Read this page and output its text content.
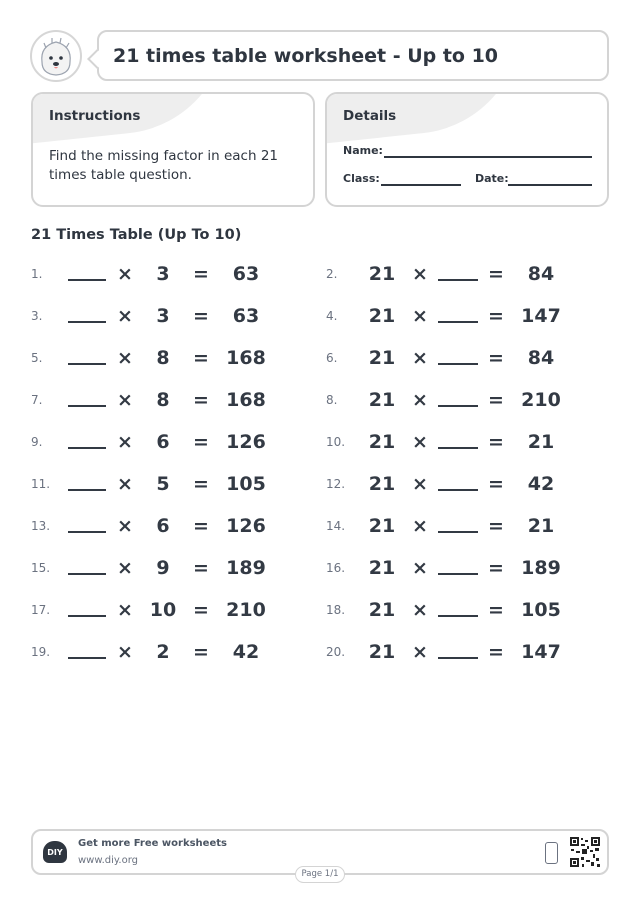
21 times table worksheet - Up to 10
Instructions
Find the missing factor in each 21 times table question.
Details
Name:
Class:	Date:
21 Times Table (Up To 10)
1.	×	3	=	63	2.	21 ×	=	84
3.	×	3	=	63	4.	21 ×	= 147
5.	×	8	= 168	6.	21 ×	=	84
7.	×	8	= 168	8.	21 ×	= 210
9.	×	6	= 126	10.	21 ×	=	21
11.	×	5	= 105	12.	21 ×	=	42
13.	×	6	= 126	14.	21 ×	=	21
15.	×	9	= 189	16.	21 ×	= 189
17.	× 10 = 210	18.	21 ×	= 105
19.	×	2	=	42	20.	21 ×	= 147
DIY
Get more Free worksheets
www.diy.org
Page 1/1
